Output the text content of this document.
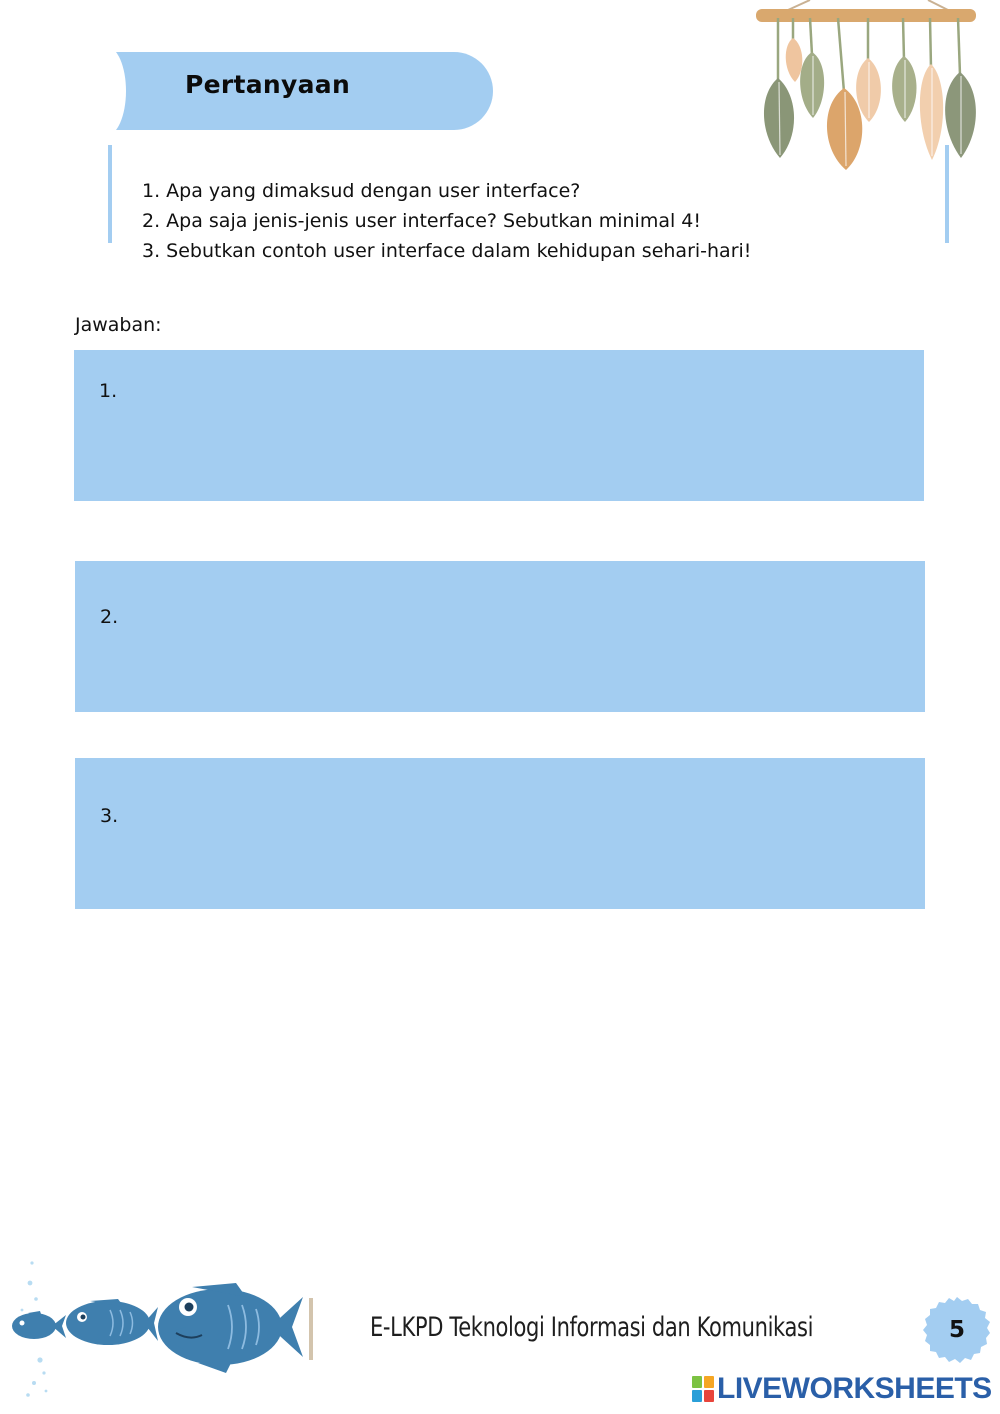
Pertanyaan
1. Apa yang dimaksud dengan user interface?
2. Apa saja jenis-jenis user interface? Sebutkan minimal 4!
3. Sebutkan contoh user interface dalam kehidupan sehari-hari!
Jawaban:
1.
2.
3.
E-LKPD Teknologi Informasi dan Komunikasi	5
LIVEWORKSHEETS
